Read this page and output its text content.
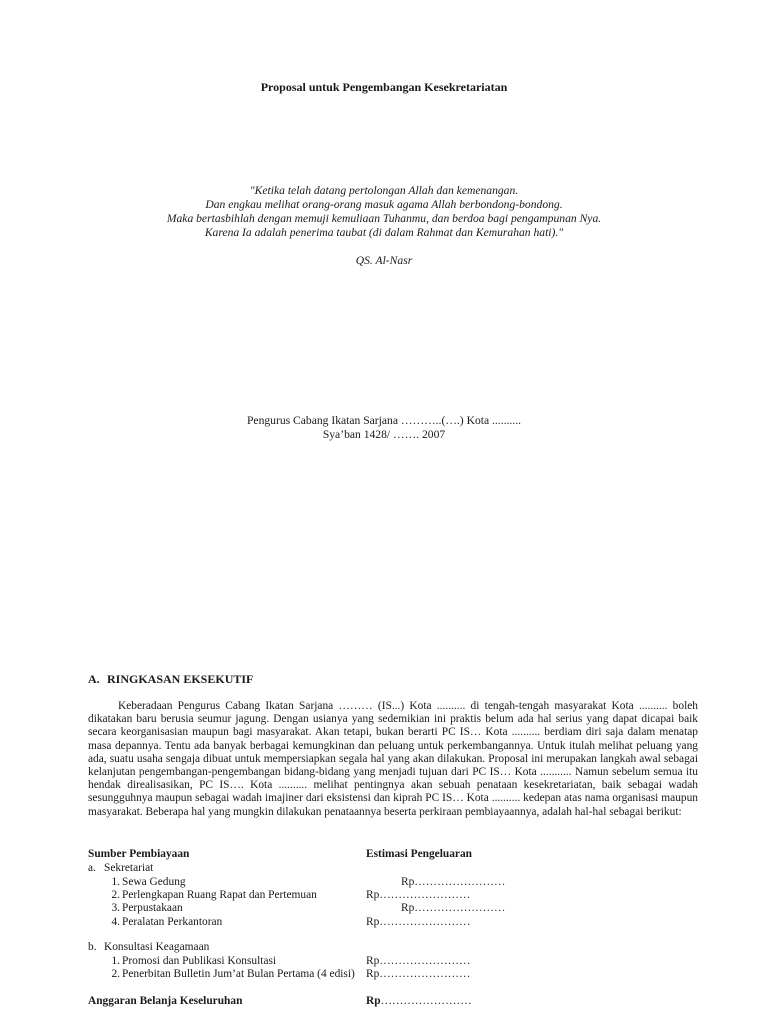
Proposal untuk Pengembangan Kesekretariatan
"Ketika telah datang pertolongan Allah dan kemenangan.
Dan engkau melihat orang-orang masuk agama Allah berbondong-bondong.
Maka bertasbihlah dengan memuji kemuliaan Tuhanmu, dan berdoa bagi pengampunan Nya.
Karena Ia adalah penerima taubat (di dalam Rahmat dan Kemurahan hati)."
QS. Al-Nasr
Pengurus Cabang Ikatan Sarjana ………..(….) Kota ..........
Sya’ban 1428/ ……. 2007
A. RINGKASAN EKSEKUTIF
Keberadaan Pengurus Cabang Ikatan Sarjana ……… (IS...) Kota .......... di tengah-tengah masyarakat Kota .......... boleh dikatakan baru berusia seumur jagung. Dengan usianya yang sedemikian ini praktis belum ada hal serius yang dapat dicapai baik secara keorganisasian maupun bagi masyarakat. Akan tetapi, bukan berarti PC IS… Kota .......... berdiam diri saja dalam menatap masa depannya. Tentu ada banyak berbagai kemungkinan dan peluang untuk perkembangannya. Untuk itulah melihat peluang yang ada, suatu usaha sengaja dibuat untuk mempersiapkan segala hal yang akan dilakukan. Proposal ini merupakan langkah awal sebagai kelanjutan pengembangan-pengembangan bidang-bidang yang menjadi tujuan dari PC IS… Kota ........... Namun sebelum semua itu hendak direalisasikan, PC IS…. Kota .......... melihat pentingnya akan sebuah penataan kesekretariatan, baik sebagai wadah sesungguhnya maupun sebagai wadah imajiner dari eksistensi dan kiprah PC IS… Kota .......... kedepan atas nama organisasi maupun masyarakat. Beberapa hal yang mungkin dilakukan penataannya beserta perkiraan pembiayaannya, adalah hal-hal sebagai berikut:
Sumber Pembiayaan	Estimasi Pengeluaran
a. Sekretariat
1. Sewa Gedung	Rp……………………
2. Perlengkapan Ruang Rapat dan Pertemuan	Rp……………………
3. Perpustakaan	Rp……………………
4. Peralatan Perkantoran	Rp……………………
b. Konsultasi Keagamaan
1. Promosi dan Publikasi Konsultasi	Rp……………………
2. Penerbitan Bulletin Jum’at Bulan Pertama (4 edisi) Rp……………………
Anggaran Belanja Keseluruhan	Rp……………………
